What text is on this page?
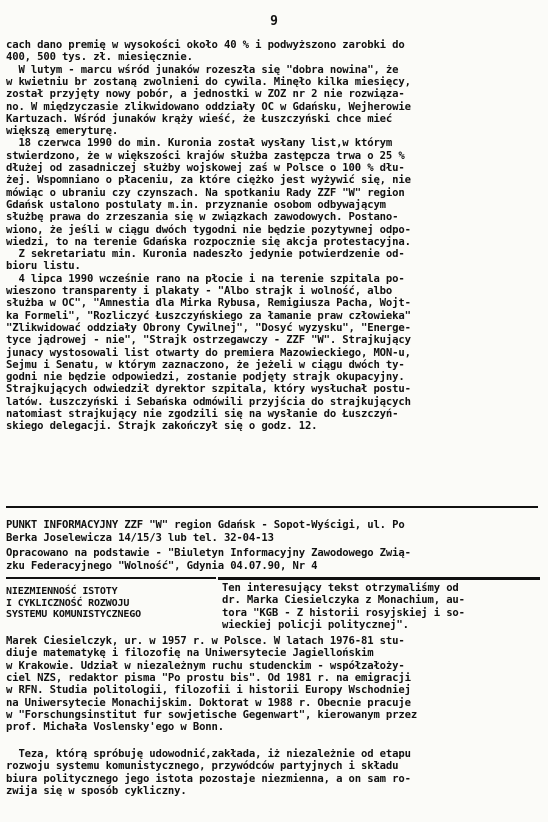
9
cach dano premię w wysokości około 40 % i podwyższono zarobki do
400, 500 tys. zł. miesięcznie.
W lutym - marcu wśród junaków rozeszła się "dobra nowina", że
w kwietniu br zostaną zwolnieni do cywila. Minęło kilka miesięcy,
został przyjęty nowy pobór, a jednostki w ZOZ nr 2 nie rozwiąza-
no. W międzyczasie zlikwidowano oddziały OC w Gdańsku, Wejherowie
Kartuzach. Wśród junaków krąży wieść, że Łuszczyński chce mieć
większą emeryturę.
18 czerwca 1990 do min. Kuronia został wysłany list,w którym
stwierdzono, że w większości krajów służba zastępcza trwa o 25 %
dłużej od zasadniczej służby wojskowej zaś w Polsce o 100 % dłu-
żej. Wspomniano o płaceniu, za które ciężko jest wyżywić się, nie
mówiąc o ubraniu czy czynszach. Na spotkaniu Rady ZZF "W" region
Gdańsk ustalono postulaty m.in. przyznanie osobom odbywającym
służbę prawa do zrzeszania się w związkach zawodowych. Postano-
wiono, że jeśli w ciągu dwóch tygodni nie będzie pozytywnej odpo-
wiedzi, to na terenie Gdańska rozpocznie się akcja protestacyjna.
Z sekretariatu min. Kuronia nadeszło jedynie potwierdzenie od-
bioru listu.
4 lipca 1990 wcześnie rano na płocie i na terenie szpitala po-
wieszono transparenty i plakaty - "Albo strajk i wolność, albo
służba w OC", "Amnestia dla Mirka Rybusa, Remigiusza Pacha, Wojt-
ka Formeli", "Rozliczyć Łuszczyńskiego za łamanie praw człowieka"
"Zlikwidować oddziały Obrony Cywilnej", "Dosyć wyzysku", "Energe-
tyce jądrowej - nie", "Strajk ostrzegawczy - ZZF "W". Strajkujący
junacy wystosowali list otwarty do premiera Mazowieckiego, MON-u,
Sejmu i Senatu, w którym zaznaczono, że jeżeli w ciągu dwóch ty-
godni nie będzie odpowiedzi, zostanie podjęty strajk okupacyjny.
Strajkujących odwiedził dyrektor szpitala, który wysłuchał postu-
latów. Łuszczyński i Sebańska odmówili przyjścia do strajkujących
natomiast strajkujący nie zgodzili się na wysłanie do Łuszczyń-
skiego delegacji. Strajk zakończył się o godz. 12.
PUNKT INFORMACYJNY ZZF "W" region Gdańsk - Sopot-Wyścigi, ul. Po
Berka Joselewicza 14/15/3 lub tel. 32-04-13
Opracowano na podstawie - "Biuletyn Informacyjny Zawodowego Zwią-
zku Federacyjnego "Wolność", Gdynia 04.07.90, Nr 4
NIEZMIENNOŚĆ ISTOTY
I CYKLICZNOŚĆ ROZWOJU
SYSTEMU KOMUNISTYCZNEGO
Ten interesujący tekst otrzymaliśmy od
dr. Marka Ciesielczyka z Monachium, au-
tora "KGB - Z historii rosyjskiej i so-
wieckiej policji politycznej".
Marek Ciesielczyk, ur. w 1957 r. w Polsce. W latach 1976-81 stu-
diuje matematykę i filozofię na Uniwersytecie Jagiellońskim
w Krakowie. Udział w niezależnym ruchu studenckim - współzałoży-
ciel NZS, redaktor pisma "Po prostu bis". Od 1981 r. na emigracji
w RFN. Studia politologii, filozofii i historii Europy Wschodniej
na Uniwersytecie Monachijskim. Doktorat w 1988 r. Obecnie pracuje
w "Forschungsinstitut fur sowjetische Gegenwart", kierowanym przez
prof. Michała Voslensky'ego w Bonn.
Teza, którą spróbuję udowodnić,zakłada, iż niezależnie od etapu
rozwoju systemu komunistycznego, przywódców partyjnych i składu
biura politycznego jego istota pozostaje niezmienna, a on sam ro-
zwija się w sposób cykliczny.
